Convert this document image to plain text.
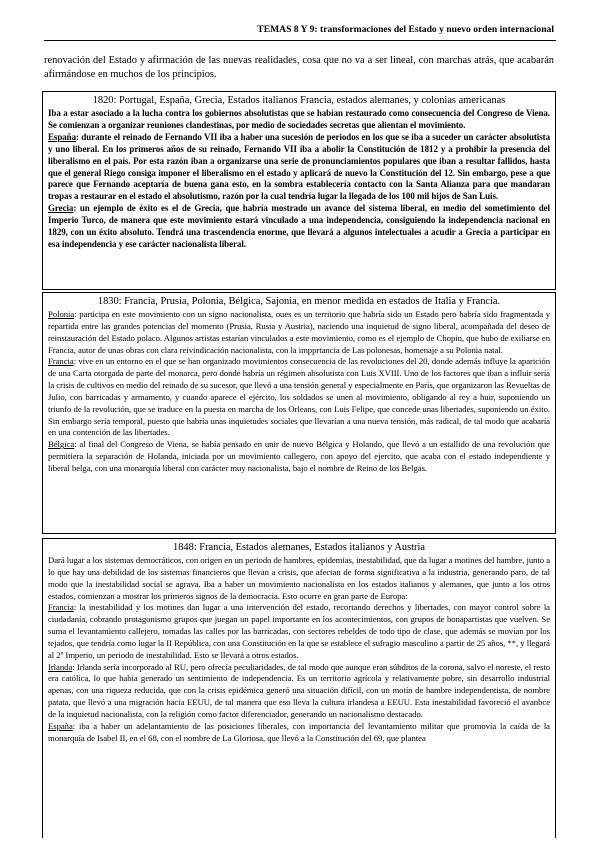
TEMAS 8 Y 9: transformaciones del Estado y nuevo orden internacional

renovación del Estado y afirmación de las nuevas realidades, cosa que no va a ser lineal, con marchas atrás, que acabarán afirmándose en muchos de los principios.

1820: Portugal, España, Grecia, Estados italianos Francia, estados alemanes, y colonias americanas

Iba a estar asociado a la lucha contra los gobiernos absolutistas que se habían restaurado como consecuencia del Congreso de Viena. Se comienzan a organizar reuniones clandestinas, por medio de sociedades secretas que alientan el movimiento.

España: durante el reinado de Fernando VII iba a haber una sucesión de periodos en los que se iba a suceder un carácter absolutista y uno liberal. En los primeros años de su reinado, Fernando VII iba a abolir la Constitución de 1812 y a prohibir la presencia del liberalismo en el país. Por esta razón iban a organizarse una serie de pronunciamientos populares que iban a resultar fallidos, hasta que el general Riego consiga imponer el liberalismo en el estado y aplicará de nuevo la Constitución del 12. Sin embargo, pese a que parece que Fernando aceptaría de buena gana esto, en la sombra establecería contacto con la Santa Alianza para que mandaran tropas a restaurar en el estado el absolutismo, razón por la cual tendría lugar la llegada de los 100 mil hijos de San Luis.

Grecia: un ejemplo de éxito es el de Grecia, que habría mostrado un avance del sistema liberal, en medio del sometimiento del Imperio Turco, de manera que este movimiento estará vinculado a una independencia, consiguiendo la independencia nacional en 1829, con un éxito absoluto. Tendrá una trascendencia enorme, que llevará a algunos intelectuales a acudir a Grecia a participar en esa independencia y ese carácter nacionalista liberal.

1830: Francia, Prusia, Polonia, Bélgica, Sajonia, en menor medida en estados de Italia y Francia.

Polonia: participa en este movimiento con un signo nacionalista, oues es un territorio que habría sido un Estado pero habría sido fragmentada y repartida entre las grandes potencias del momento (Prusia, Rusia y Austria), naciendo una inquietud de signo liberal, acompañada del deseo de reinstauración del Estado polaco. Algunos artistas estarían vinculados a este movimiento, como es el ejemplo de Chopin, que hubo de exiliarse en Francia, autor de unas obras con clara reivindicación nacionalista, con la impprtancia de Las polonesas, homenaje a su Polonia natal.

Francia: vive en un entorno en el que se han organizado movimientos consecuencia de las revoluciones del 20, donde además influye la aparición de una Carta otorgada de parte del monarca, pero donde habría un régimen absolutista con Luis XVIII. Uno de los factores que iban a influir sería la crisis de cultivos en medio del reinado de su sucesor, que llevó a una tensión general y especialmente en París, que organizaron las Revueltas de Julio, con barricadas y armamento, y cuando aparece el ejército, los soldados se unen al movimiento, obligando al rey a huir, suponiendo un triunfo de la revolución, que se traduce en la puesta en marcha de los Orleans, con Luis Felipe, que concede unas libertades, suponiendo un éxito. Sin embargo sería temporal, puesto que habría unas inquietudes sociales que llevarían a una nueva tensión, más radical, de tal modo que acabaría en una contención de las libertades.

Bélgica: al final del Congreso de Viena, se había pensado en unir de nuevo Bélgica y Holando, que llevó a un estallido de una revolución que permitiera la separación de Holanda, iniciada por un movimiento callegero, con apoyo del ejercito, que acaba con el estado independiente y liberal belga, con una monarquía liberal con carácter muy nacionalista, bajo el nombre de Reino de los Belgas.

1848: Francia, Estados alemanes, Estados italianos y Austria

Dará lugar a los sistemas democráticos, con origen en un periodo de hambres, epidemias, inestabilidad, que da lugar a motines del hambre, junto a lo que hay una debilidad de los sistemas financieros que llevan a crisis, que afectan de forma significativa a la industria, generando paro, de tal modo que la inestabilidad social se agrava. Iba a haber un movimiento nacionalista en los estados italianos y alemanes, que junto a los otros estados, comienzan a mostrar los primeros signos de la democracia. Esto ocurre en gran parte de Europa:

Francia: la inestabilidad y los motines dan lugar a una intervención del estado, recortando derechos y libertades, con mayor control sobre la ciudadanía, cobrando protagonismo grupos que juegan un papel importante en los acontecimientos, con grupos de bonapartistas que vuelven. Se suma el levantamiento callejero, tomadas las calles por las barricadas, con sectores rebeldes de todo tipo de clase, que además se movían por los tejados, que tendría como lugar la II República, con una Constitución en la que se establece el sufragio masculino a partir de 25 años, **, y llegará al 2º Imperio, un periodo de inestabilidad. Esto se llevará a otros estados.

Irlanda: Irlanda sería incorporado al RU, pero ofrecía peculiaridades, de tal modo que aunque eran súbditos de la corona, salvo el noreste, el resto era católica, lo que había generado un sentimiento de independencia. Es un territorio agrícola y relativamente pobre, sin desarrollo industrial apenas, con una riqueza reducida, que con la crisis epidémica generó una situación difícil, con un motín de hambre independentista, de nombre patata, que llevó a una migración hacia EEUU, de tal manera que eso lleva la cultura irlandesa a EEUU. Esta inestabilidad favoreció el avanbce de la inquietud nacionalista, con la religión como factor diferenciador, generando un nacionalismo destacado.

España: iba a haber un adelantamiento de las posiciones liberales, con importancia del levantamiento militar que promovía la caída de la monarquía de Isabel II, en el 68, con el nombre de La Gloriosa, que llevó a la Constitución del 69, que plantea
